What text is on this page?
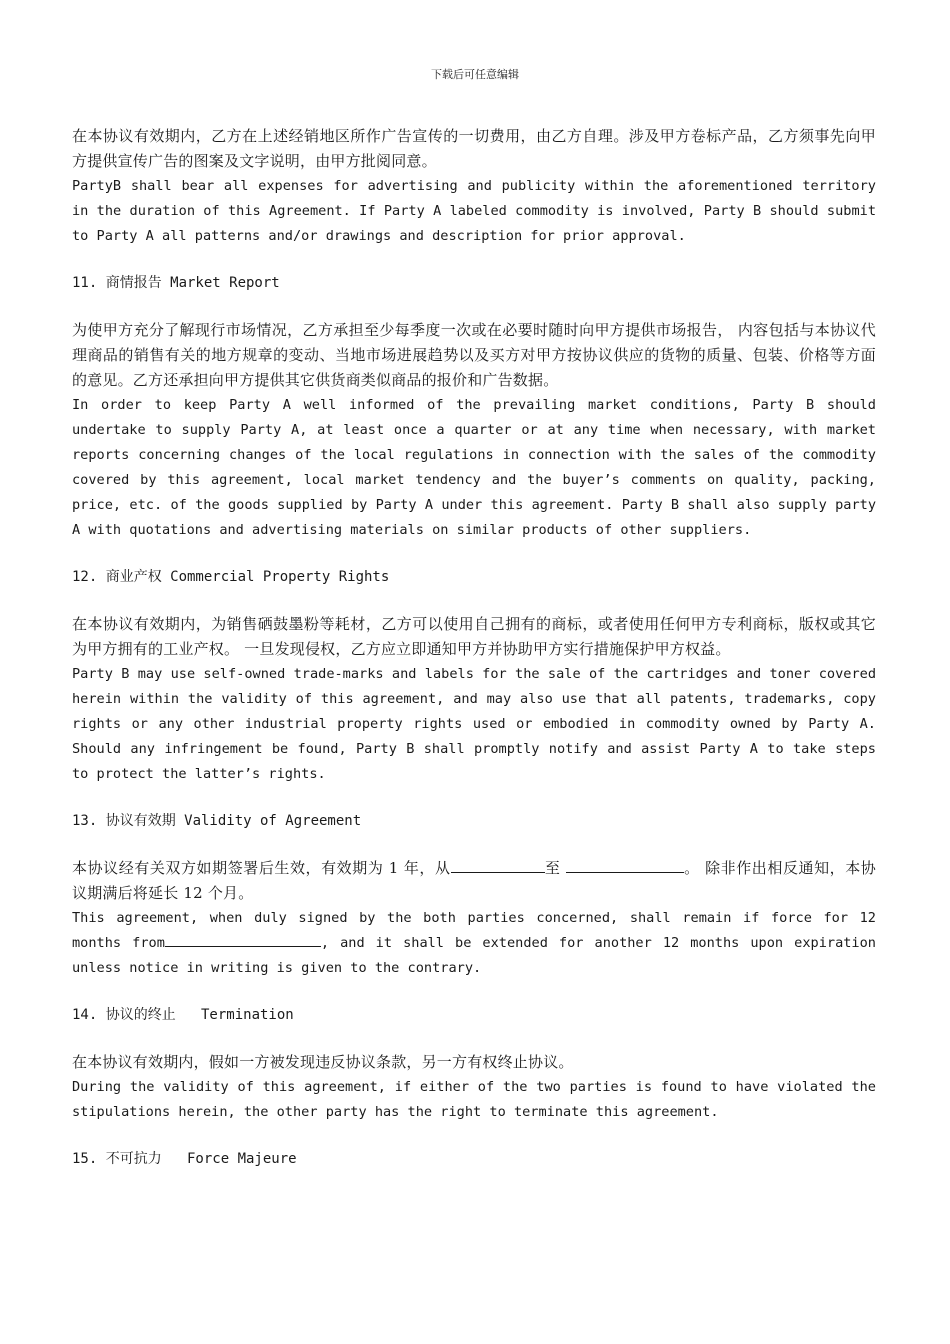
下载后可任意编辑

在本协议有效期内，乙方在上述经销地区所作广告宣传的一切费用，由乙方自理。涉及甲方卷标产品，乙方须事先向甲方提供宣传广告的图案及文字说明，由甲方批阅同意。

PartyB shall bear all expenses for advertising and publicity within the aforementioned territory in the duration of this Agreement. If Party A labeled commodity is involved, Party B should submit to Party A all patterns and/or drawings and description for prior approval.

11. 商情报告 Market Report

为使甲方充分了解现行市场情况，乙方承担至少每季度一次或在必要时随时向甲方提供市场报告， 内容包括与本协议代理商品的销售有关的地方规章的变动、当地市场进展趋势以及买方对甲方按协议供应的货物的质量、包装、价格等方面的意见。乙方还承担向甲方提供其它供货商类似商品的报价和广告数据。

In order to keep Party A well informed of the prevailing market conditions, Party B should undertake to supply Party A, at least once a quarter or at any time when necessary, with market reports concerning changes of the local regulations in connection with the sales of the commodity covered by this agreement, local market tendency and the buyer’s comments on quality, packing, price, etc. of the goods supplied by Party A under this agreement. Party B shall also supply party A with quotations and advertising materials on similar products of other suppliers.

12. 商业产权 Commercial Property Rights

在本协议有效期内，为销售硒鼓墨粉等耗材，乙方可以使用自己拥有的商标，或者使用任何甲方专利商标，版权或其它为甲方拥有的工业产权。 一旦发现侵权，乙方应立即通知甲方并协助甲方实行措施保护甲方权益。

Party B may use self-owned trade-marks and labels for the sale of the cartridges and toner covered herein within the validity of this agreement, and may also use that all patents, trademarks, copy rights or any other industrial property rights used or embodied in commodity owned by Party A. Should any infringement be found, Party B shall promptly notify and assist Party A to take steps to protect the latter’s rights.

13. 协议有效期 Validity of Agreement

本协议经有关双方如期签署后生效，有效期为 1 年，从	至	。 除非作出相反通知，本协议期满后将延长 12 个月。

This agreement, when duly signed by the both parties concerned, shall remain if force for 12 months from	, and it shall be extended for another 12 months upon expiration unless notice in writing is given to the contrary.

14. 协议的终止   Termination

在本协议有效期内，假如一方被发现违反协议条款，另一方有权终止协议。

During the validity of this agreement, if either of the two parties is found to have violated the stipulations herein, the other party has the right to terminate this agreement.

15. 不可抗力   Force Majeure
